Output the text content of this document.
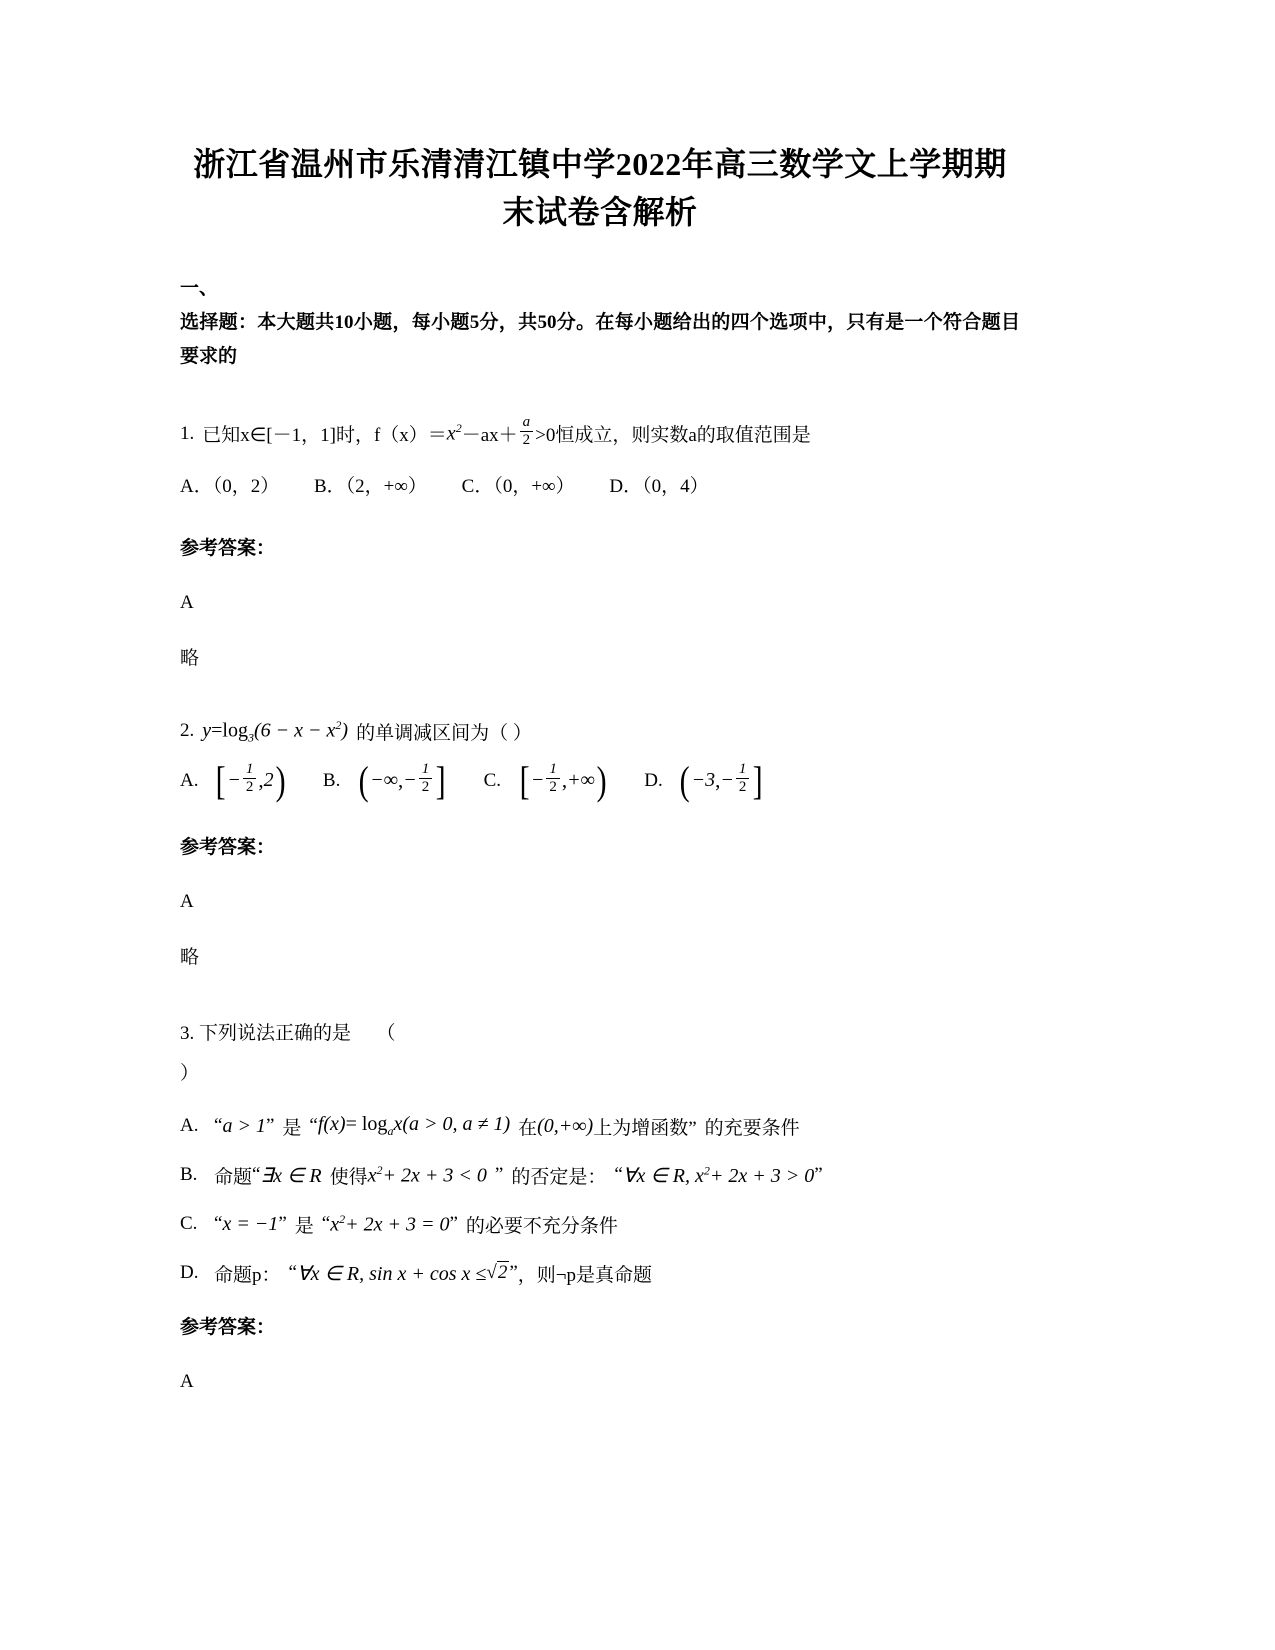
浙江省温州市乐清清江镇中学2022年高三数学文上学期期末试卷含解析
一、
选择题：本大题共10小题，每小题5分，共50分。在每小题给出的四个选项中，只有是一个符合题目要求的
1. 已知x∈[－1，1]时，$f(x)= x^2 -ax+ \frac{a}{2} >0$恒成立，则实数a的取值范围是
A．（0，2） B．（2，+∞） C．（0，+∞） D．（0，4）
参考答案：
A
略
2. $y=\log_3(6 - x - x^2)$ 的单调减区间为（ ）
A. [ − $\frac{1}{2}$ , 2 ) B. ( −∞ , − $\frac{1}{2}$ ] C. [ − $\frac{1}{2}$ , +∞ ) D. ( −3 , − $\frac{1}{2}$ ]
参考答案：
A
略
3. 下列说法正确的是 （
）
A. “ a > 1 ” 是 “ $f(x)= \log_ax(a > 0$, a ≠ 1) 在 (0,+∞) 上为增函数” 的充要条件
B. 命题 “ ∃x ∈ R 使得 $x^2+ 2x + 3 < 0$ ” 的否定是： “ ∀x ∈ R, $x^2+ 2x + 3 > 0$ ”
C. “ x = −1 ” 是 “ $x^2+ 2x + 3 = 0$ ” 的必要不充分条件
D. 命题p： “ ∀x ∈ R, sin x + cos x ≤ √2 ” ， 则¬p是真命题
参考答案：
A
